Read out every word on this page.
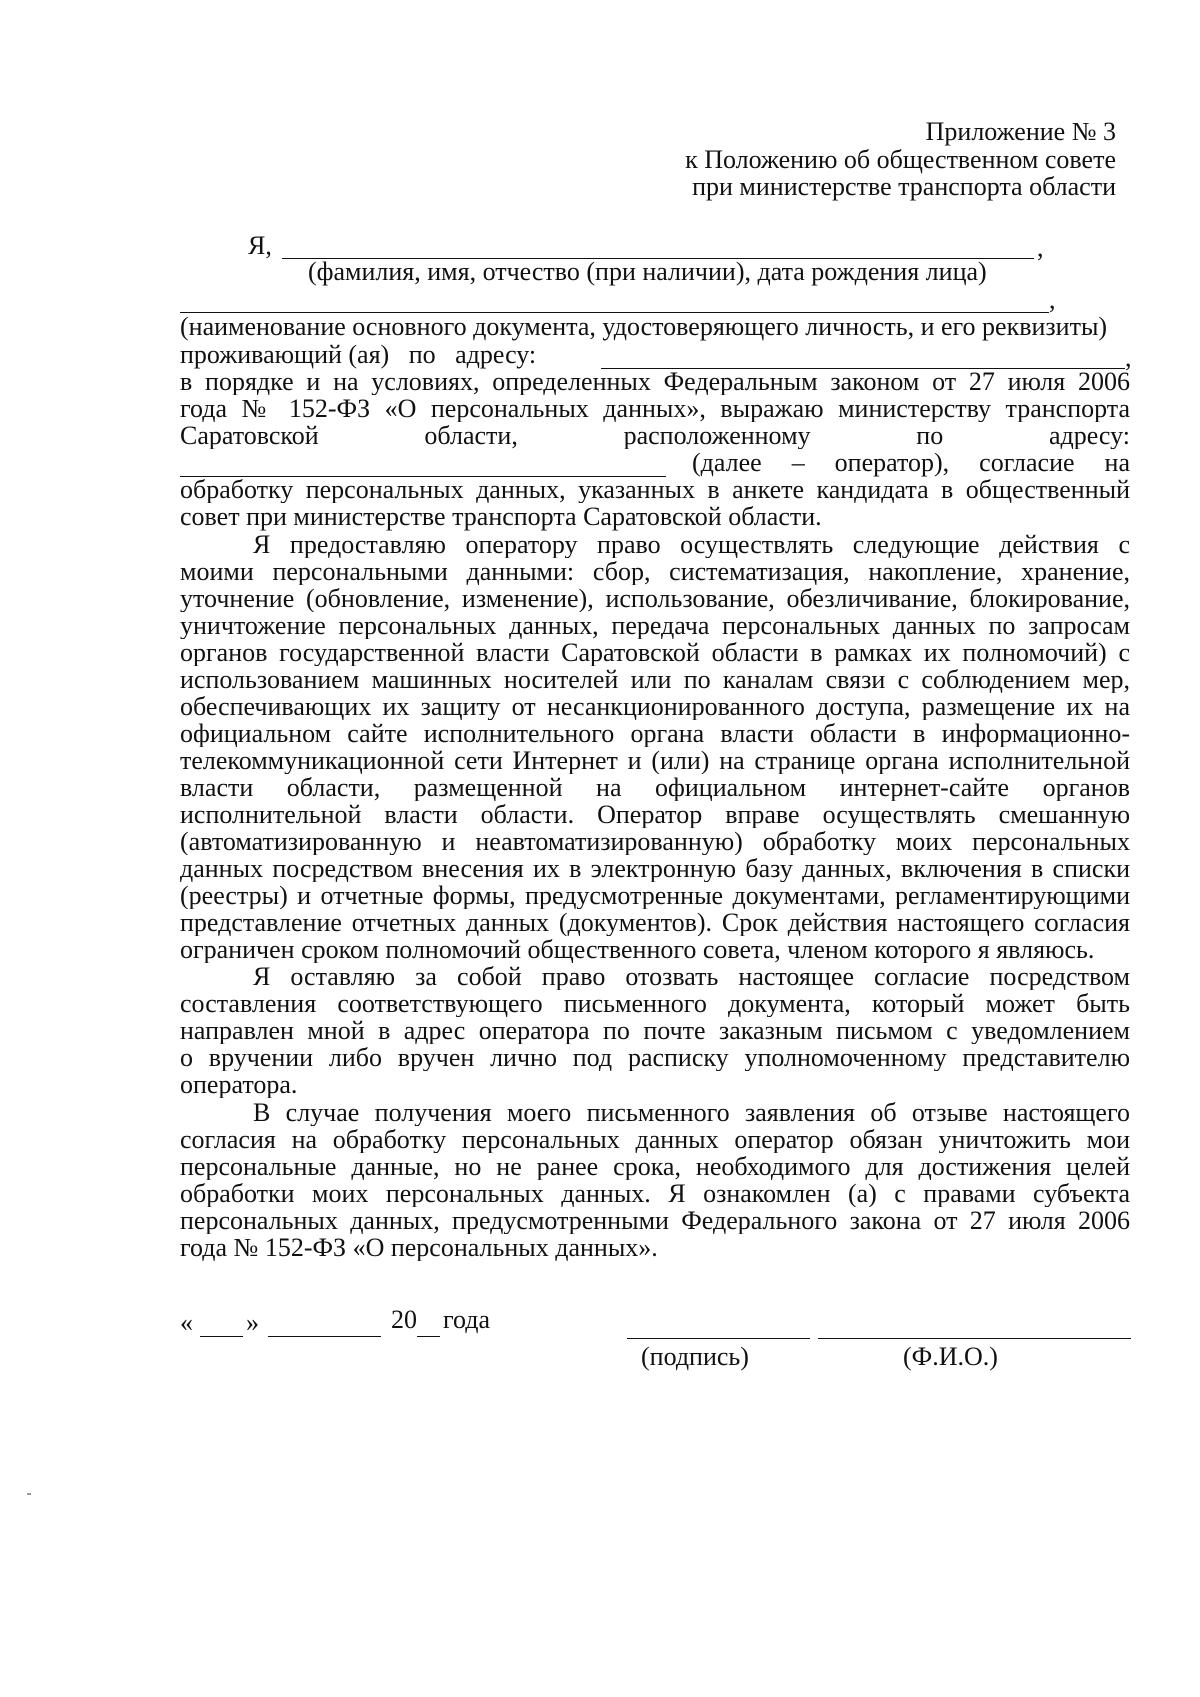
Приложение № 3
к Положению об общественном совете
при министерстве транспорта области
Я,	,
(фамилия, имя, отчество (при наличии), дата рождения лица)
,
(наименование основного документа, удостоверяющего личность, и его реквизиты)
проживающий (ая)   по   адресу:	,
в порядке и на условиях, определенных Федеральным законом от 27 июля 2006
года № 152-ФЗ «О персональных данных», выражаю министерству транспорта
Саратовской области, расположенному по адресу:
(далее – оператор), согласие на
обработку персональных данных, указанных в анкете кандидата в общественный
совет при министерстве транспорта Саратовской области.
Я предоставляю оператору право осуществлять следующие действия с
моими персональными данными: сбор, систематизация, накопление, хранение,
уточнение (обновление, изменение), использование, обезличивание, блокирование,
уничтожение персональных данных, передача персональных данных по запросам
органов государственной власти Саратовской области в рамках их полномочий) с
использованием машинных носителей или по каналам связи с соблюдением мер,
обеспечивающих их защиту от несанкционированного доступа, размещение их на
официальном сайте исполнительного органа власти области в информационно-
телекоммуникационной сети Интернет и (или) на странице органа исполнительной
власти области, размещенной на официальном интернет-сайте органов
исполнительной власти области. Оператор вправе осуществлять смешанную
(автоматизированную и неавтоматизированную) обработку моих персональных
данных посредством внесения их в электронную базу данных, включения в списки
(реестры) и отчетные формы, предусмотренные документами, регламентирующими
представление отчетных данных (документов). Срок действия настоящего согласия
ограничен сроком полномочий общественного совета, членом которого я являюсь.
Я оставляю за собой право отозвать настоящее согласие посредством
составления соответствующего письменного документа, который может быть
направлен мной в адрес оператора по почте заказным письмом с уведомлением
о вручении либо вручен лично под расписку уполномоченному представителю
оператора.
В случае получения моего письменного заявления об отзыве настоящего
согласия на обработку персональных данных оператор обязан уничтожить мои
персональные данные, но не ранее срока, необходимого для достижения целей
обработки моих персональных данных. Я ознакомлен (а) с правами субъекта
персональных данных, предусмотренными Федерального закона от 27 июля 2006
года № 152-ФЗ «О персональных данных».
« »	20 года
(подпись)	(Ф.И.О.)
